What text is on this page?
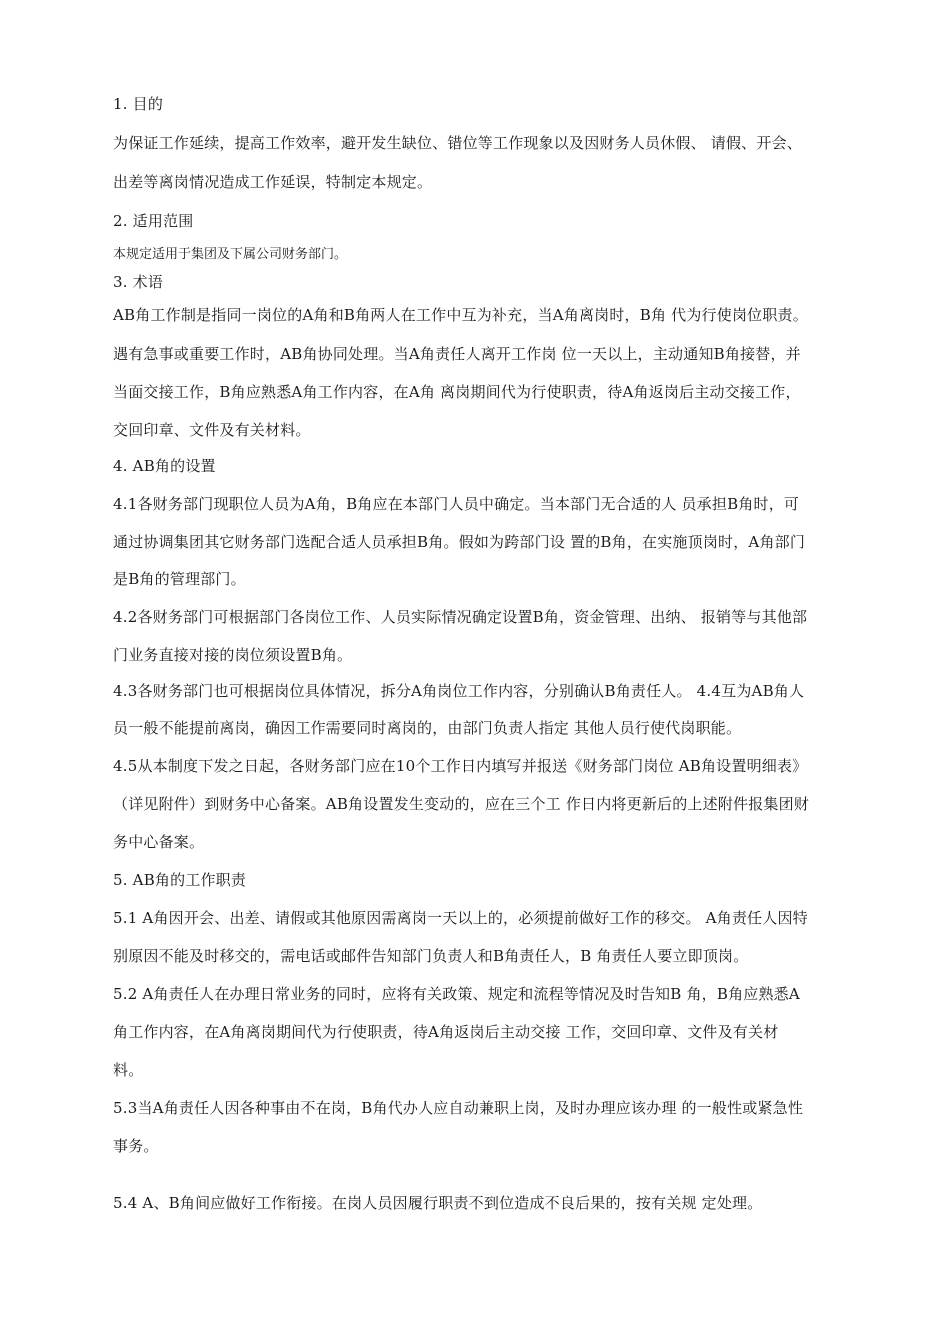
1. 目的
为保证工作延续，提高工作效率，避开发生缺位、错位等工作现象以及因财务人员休假、 请假、开会、
出差等离岗情况造成工作延误，特制定本规定。
2. 适用范围
本规定适用于集团及下属公司财务部门。
3. 术语
AB角工作制是指同一岗位的A角和B角两人在工作中互为补充，当A角离岗时，B角 代为行使岗位职责。
遇有急事或重要工作时，AB角协同处理。当A角责任人离开工作岗 位一天以上，主动通知B角接替，并
当面交接工作，B角应熟悉A角工作内容，在A角 离岗期间代为行使职责，待A角返岗后主动交接工作，
交回印章、文件及有关材料。
4. AB角的设置
4.1各财务部门现职位人员为A角，B角应在本部门人员中确定。当本部门无合适的人 员承担B角时，可
通过协调集团其它财务部门选配合适人员承担B角。假如为跨部门设 置的B角，在实施顶岗时，A角部门
是B角的管理部门。
4.2各财务部门可根据部门各岗位工作、人员实际情况确定设置B角，资金管理、出纳、 报销等与其他部
门业务直接对接的岗位须设置B角。
4.3各财务部门也可根据岗位具体情况，拆分A角岗位工作内容，分别确认B角责任人。 4.4互为AB角人
员一般不能提前离岗，确因工作需要同时离岗的，由部门负责人指定 其他人员行使代岗职能。
4.5从本制度下发之日起，各财务部门应在10个工作日内填写并报送《财务部门岗位 AB角设置明细表》
（详见附件）到财务中心备案。AB角设置发生变动的，应在三个工 作日内将更新后的上述附件报集团财
务中心备案。
5. AB角的工作职责
5.1 A角因开会、出差、请假或其他原因需离岗一天以上的，必须提前做好工作的移交。 A角责任人因特
别原因不能及时移交的，需电话或邮件告知部门负责人和B角责任人，B 角责任人要立即顶岗。
5.2 A角责任人在办理日常业务的同时，应将有关政策、规定和流程等情况及时告知B 角，B角应熟悉A
角工作内容，在A角离岗期间代为行使职责，待A角返岗后主动交接 工作，交回印章、文件及有关材
料。
5.3当A角责任人因各种事由不在岗，B角代办人应自动兼职上岗，及时办理应该办理 的一般性或紧急性
事务。
5.4 A、B角间应做好工作衔接。在岗人员因履行职责不到位造成不良后果的，按有关规 定处理。
